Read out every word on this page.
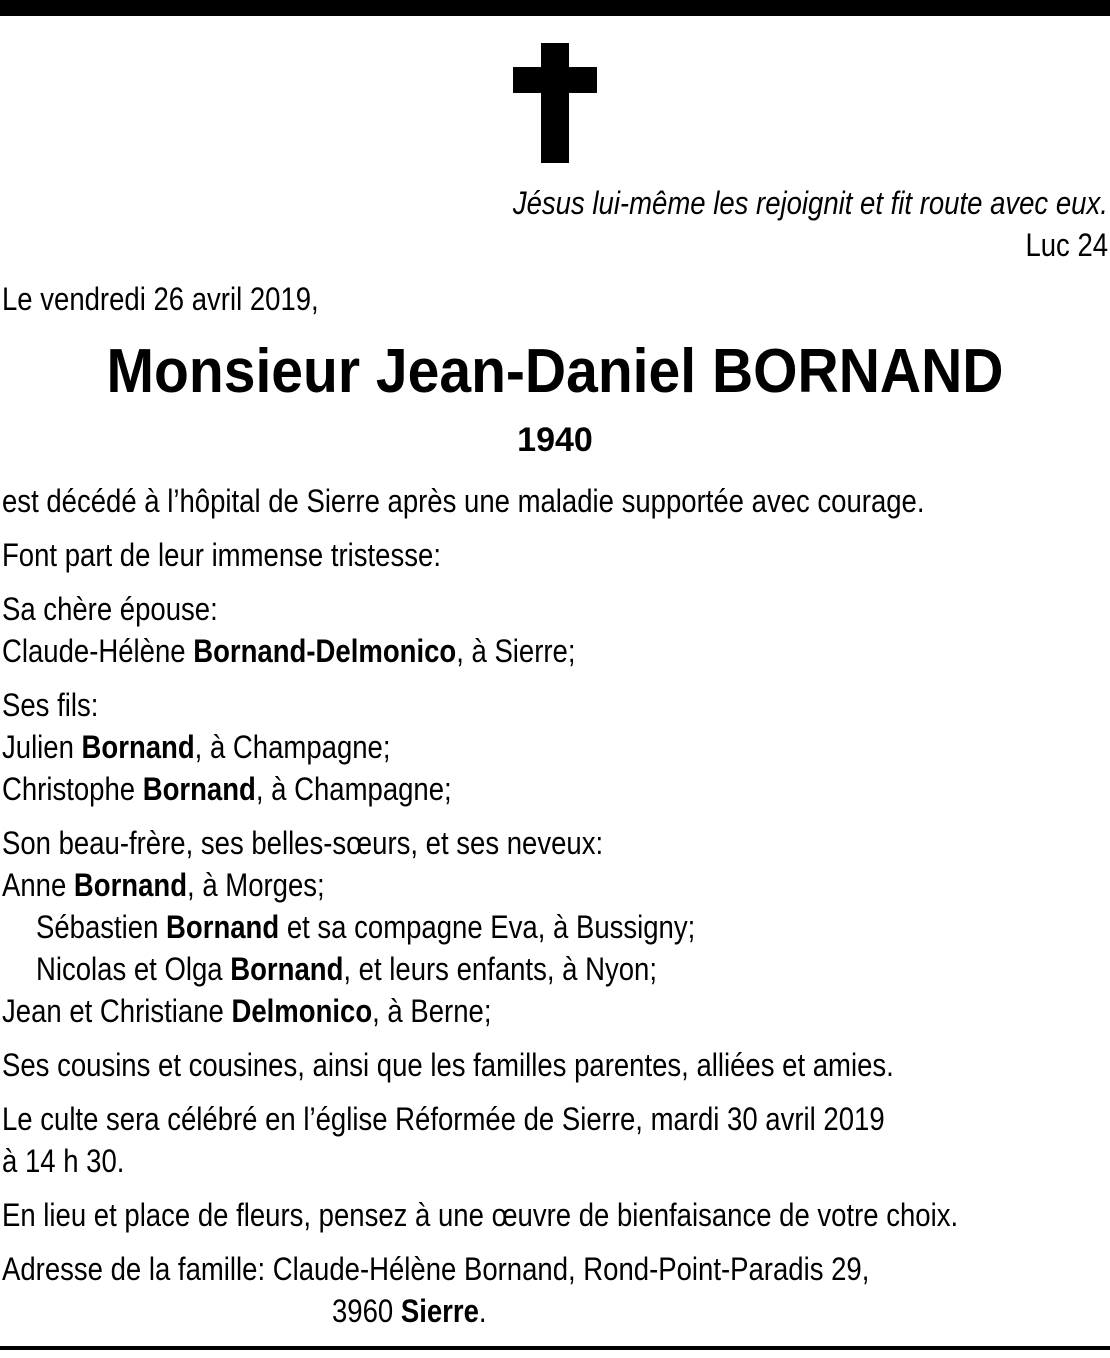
Jésus lui-même les rejoignit et fit route avec eux.
Luc 24
Le vendredi 26 avril 2019,
Monsieur Jean-Daniel BORNAND
1940
est décédé à l’hôpital de Sierre après une maladie supportée avec courage.
Font part de leur immense tristesse:
Sa chère épouse:
Claude-Hélène Bornand-Delmonico, à Sierre;
Ses fils:
Julien Bornand, à Champagne;
Christophe Bornand, à Champagne;
Son beau-frère, ses belles-sœurs, et ses neveux:
Anne Bornand, à Morges;
Sébastien Bornand et sa compagne Eva, à Bussigny;
Nicolas et Olga Bornand, et leurs enfants, à Nyon;
Jean et Christiane Delmonico, à Berne;
Ses cousins et cousines, ainsi que les familles parentes, alliées et amies.
Le culte sera célébré en l’église Réformée de Sierre, mardi 30 avril 2019
à 14 h 30.
En lieu et place de fleurs, pensez à une œuvre de bienfaisance de votre choix.
Adresse de la famille: Claude-Hélène Bornand, Rond-Point-Paradis 29,
3960 Sierre.
